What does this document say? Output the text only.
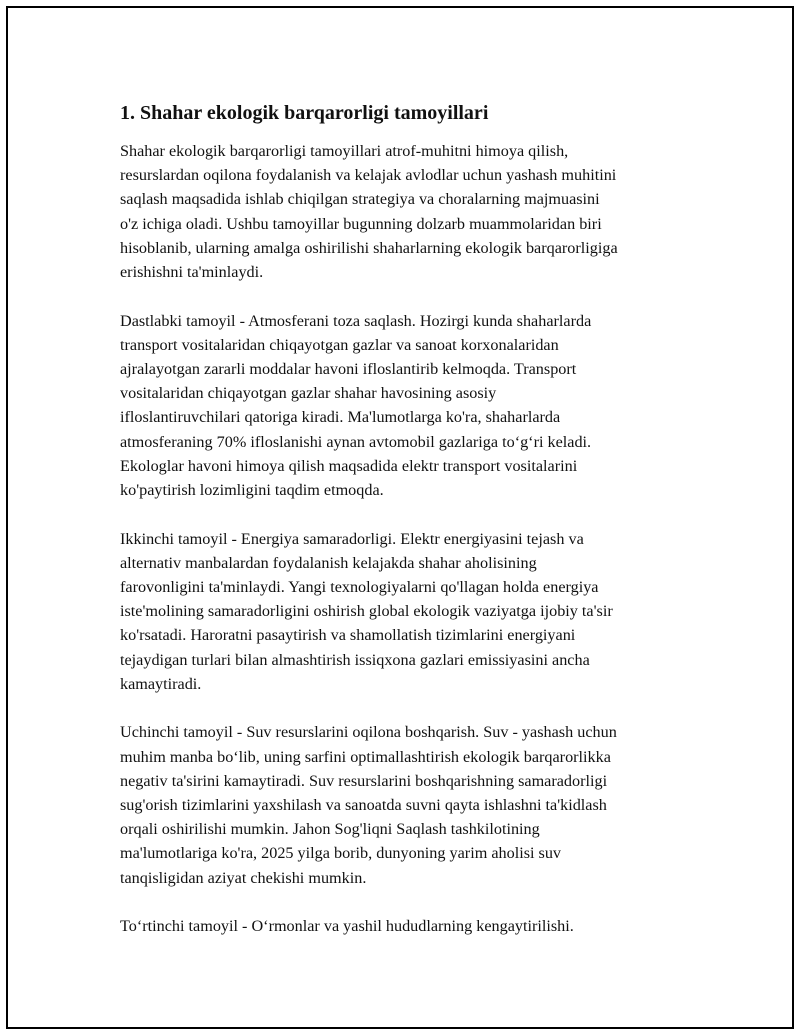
1. Shahar ekologik barqarorligi tamoyillari

Shahar ekologik barqarorligi tamoyillari atrof-muhitni himoya qilish,
resurslardan oqilona foydalanish va kelajak avlodlar uchun yashash muhitini
saqlash maqsadida ishlab chiqilgan strategiya va choralarning majmuasini
o'z ichiga oladi. Ushbu tamoyillar bugunning dolzarb muammolaridan biri
hisoblanib, ularning amalga oshirilishi shaharlarning ekologik barqarorligiga
erishishni ta'minlaydi.

Dastlabki tamoyil - Atmosferani toza saqlash. Hozirgi kunda shaharlarda
transport vositalaridan chiqayotgan gazlar va sanoat korxonalaridan
ajralayotgan zararli moddalar havoni ifloslantirib kelmoqda. Transport
vositalaridan chiqayotgan gazlar shahar havosining asosiy
ifloslantiruvchilari qatoriga kiradi. Ma'lumotlarga ko'ra, shaharlarda
atmosferaning 70% ifloslanishi aynan avtomobil gazlariga to‘g‘ri keladi.
Ekologlar havoni himoya qilish maqsadida elektr transport vositalarini
ko'paytirish lozimligini taqdim etmoqda.

Ikkinchi tamoyil - Energiya samaradorligi. Elektr energiyasini tejash va
alternativ manbalardan foydalanish kelajakda shahar aholisining
farovonligini ta'minlaydi. Yangi texnologiyalarni qo'llagan holda energiya
iste'molining samaradorligini oshirish global ekologik vaziyatga ijobiy ta'sir
ko'rsatadi. Haroratni pasaytirish va shamollatish tizimlarini energiyani
tejaydigan turlari bilan almashtirish issiqxona gazlari emissiyasini ancha
kamaytiradi.

Uchinchi tamoyil - Suv resurslarini oqilona boshqarish. Suv - yashash uchun
muhim manba bo‘lib, uning sarfini optimallashtirish ekologik barqarorlikka
negativ ta'sirini kamaytiradi. Suv resurslarini boshqarishning samaradorligi
sug'orish tizimlarini yaxshilash va sanoatda suvni qayta ishlashni ta'kidlash
orqali oshirilishi mumkin. Jahon Sog'liqni Saqlash tashkilotining
ma'lumotlariga ko'ra, 2025 yilga borib, dunyoning yarim aholisi suv
tanqisligidan aziyat chekishi mumkin.

To‘rtinchi tamoyil - O‘rmonlar va yashil hududlarning kengaytirilishi.
